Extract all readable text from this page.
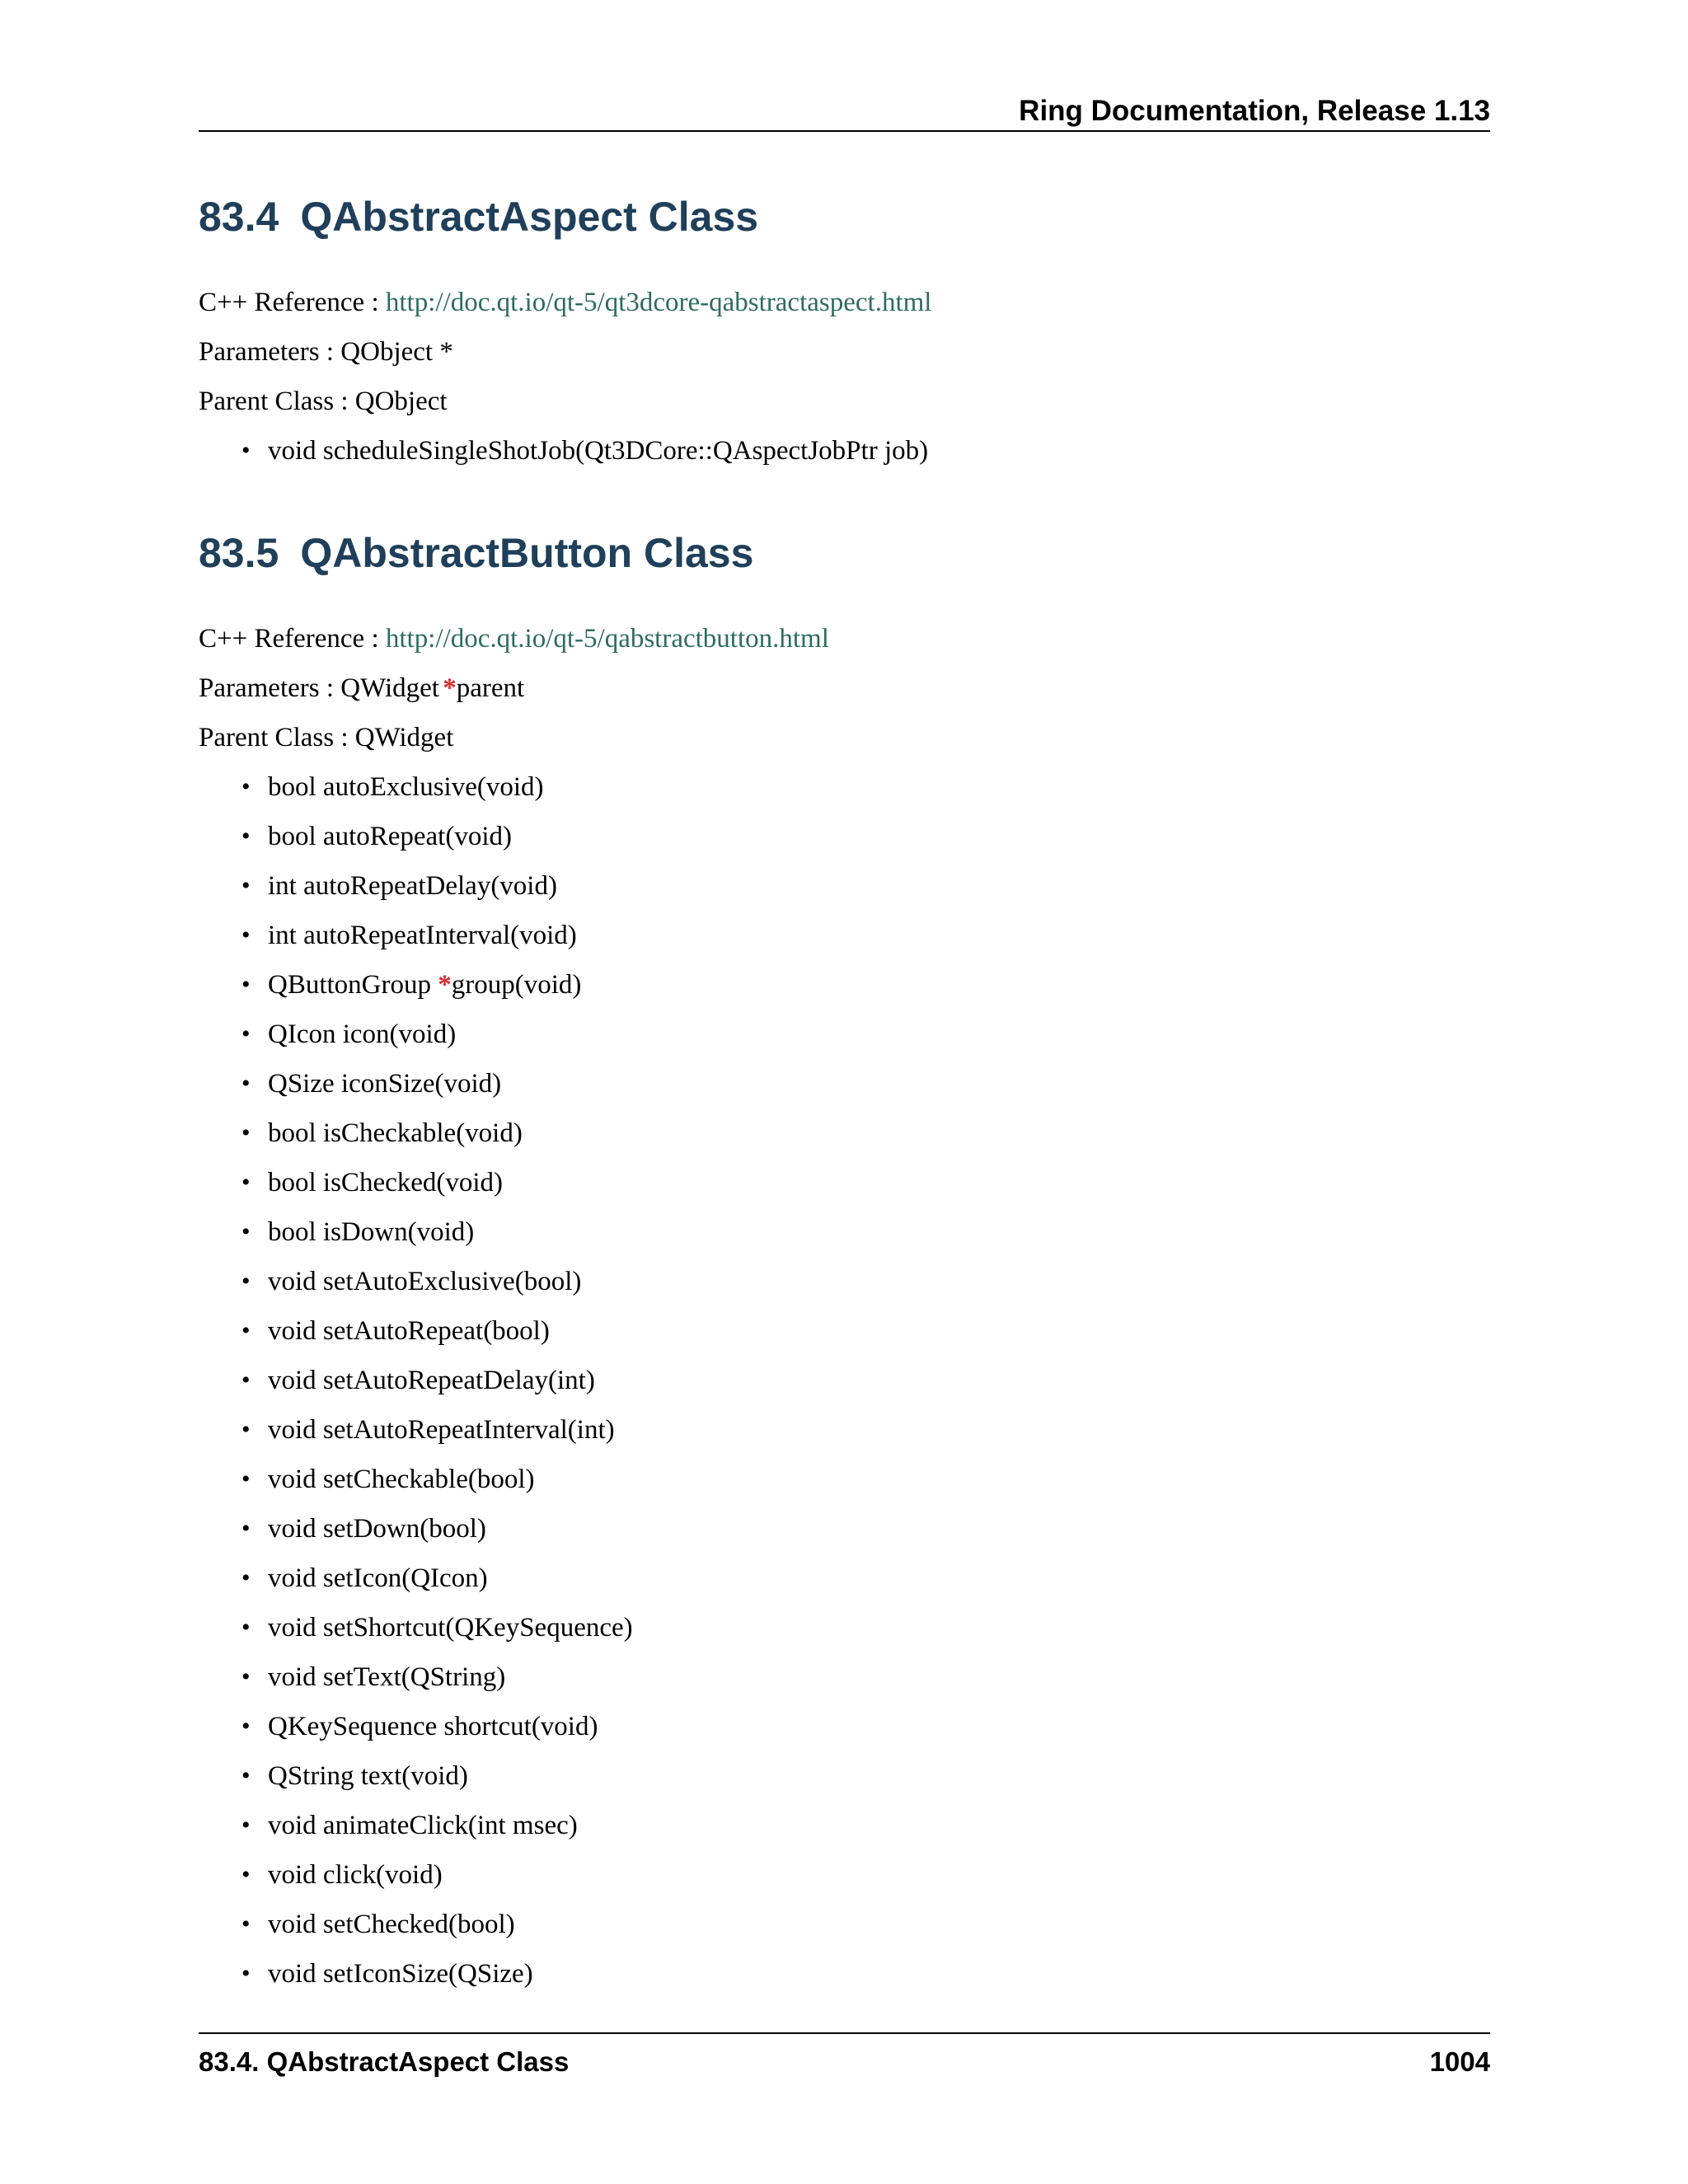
Ring Documentation, Release 1.13
83.4 QAbstractAspect Class
C++ Reference : http://doc.qt.io/qt-5/qt3dcore-qabstractaspect.html
Parameters : QObject *
Parent Class : QObject
• void scheduleSingleShotJob(Qt3DCore::QAspectJobPtr job)
83.5 QAbstractButton Class
C++ Reference : http://doc.qt.io/qt-5/qabstractbutton.html
Parameters : QWidget *parent
Parent Class : QWidget
• bool autoExclusive(void)
• bool autoRepeat(void)
• int autoRepeatDelay(void)
• int autoRepeatInterval(void)
• QButtonGroup *group(void)
• QIcon icon(void)
• QSize iconSize(void)
• bool isCheckable(void)
• bool isChecked(void)
• bool isDown(void)
• void setAutoExclusive(bool)
• void setAutoRepeat(bool)
• void setAutoRepeatDelay(int)
• void setAutoRepeatInterval(int)
• void setCheckable(bool)
• void setDown(bool)
• void setIcon(QIcon)
• void setShortcut(QKeySequence)
• void setText(QString)
• QKeySequence shortcut(void)
• QString text(void)
• void animateClick(int msec)
• void click(void)
• void setChecked(bool)
• void setIconSize(QSize)
83.4. QAbstractAspect Class	1004
